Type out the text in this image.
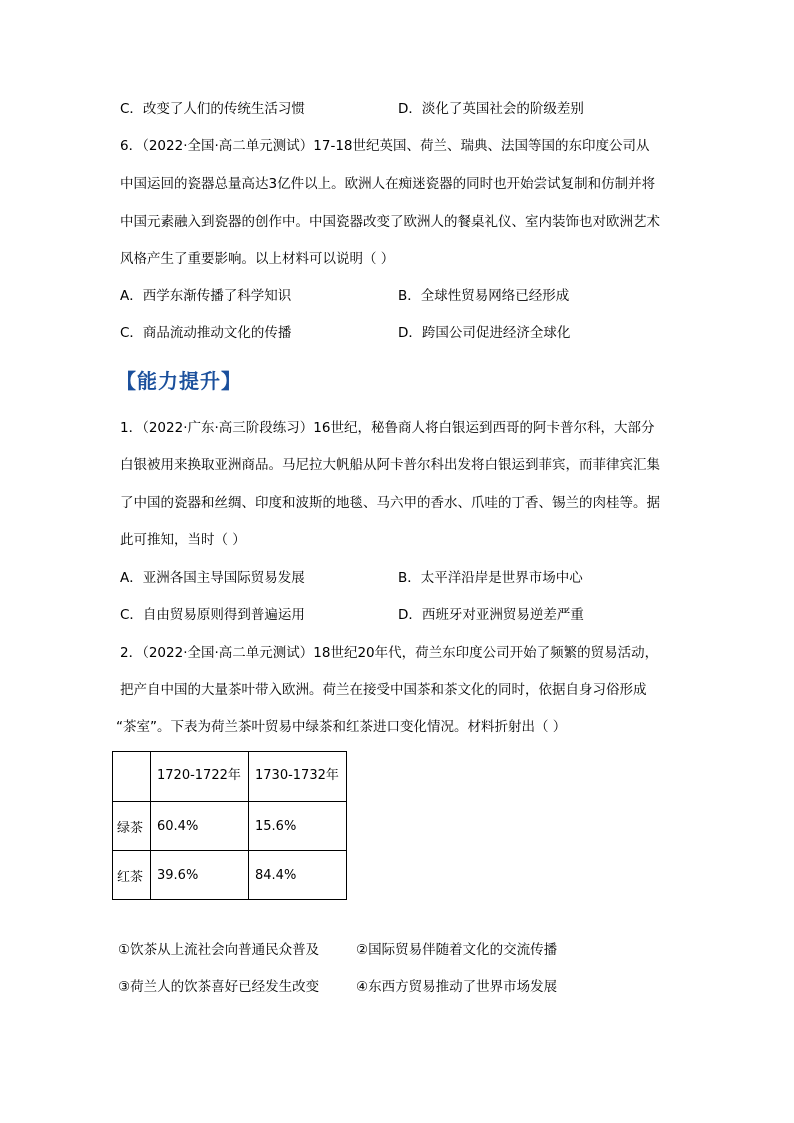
C．改变了人们的传统生活习惯	D．淡化了英国社会的阶级差别
6．（2022·全国·高二单元测试）17-18世纪英国、荷兰、瑞典、法国等国的东印度公司从
中国运回的瓷器总量高达3亿件以上。欧洲人在痴迷瓷器的同时也开始尝试复制和仿制并将
中国元素融入到瓷器的创作中。中国瓷器改变了欧洲人的餐桌礼仪、室内装饰也对欧洲艺术
风格产生了重要影响。以上材料可以说明（ ）
A．西学东渐传播了科学知识	B．全球性贸易网络已经形成
C．商品流动推动文化的传播	D．跨国公司促进经济全球化
【能力提升】
1．（2022·广东·高三阶段练习）16世纪，秘鲁商人将白银运到西哥的阿卡普尔科，大部分
白银被用来换取亚洲商品。马尼拉大帆船从阿卡普尔科出发将白银运到菲宾，而菲律宾汇集
了中国的瓷器和丝绸、印度和波斯的地毯、马六甲的香水、爪哇的丁香、锡兰的肉桂等。据
此可推知，当时（ ）
A．亚洲各国主导国际贸易发展	B．太平洋沿岸是世界市场中心
C．自由贸易原则得到普遍运用	D．西班牙对亚洲贸易逆差严重
2．（2022·全国·高二单元测试）18世纪20年代，荷兰东印度公司开始了频繁的贸易活动，
把产自中国的大量茶叶带入欧洲。荷兰在接受中国茶和茶文化的同时，依据自身习俗形成
“茶室”。下表为荷兰茶叶贸易中绿茶和红茶进口变化情况。材料折射出（ ）
	1720-1722年	1730-1732年
绿茶	60.4%	15.6%
红茶	39.6%	84.4%
①饮茶从上流社会向普通民众普及	②国际贸易伴随着文化的交流传播
③荷兰人的饮茶喜好已经发生改变	④东西方贸易推动了世界市场发展
